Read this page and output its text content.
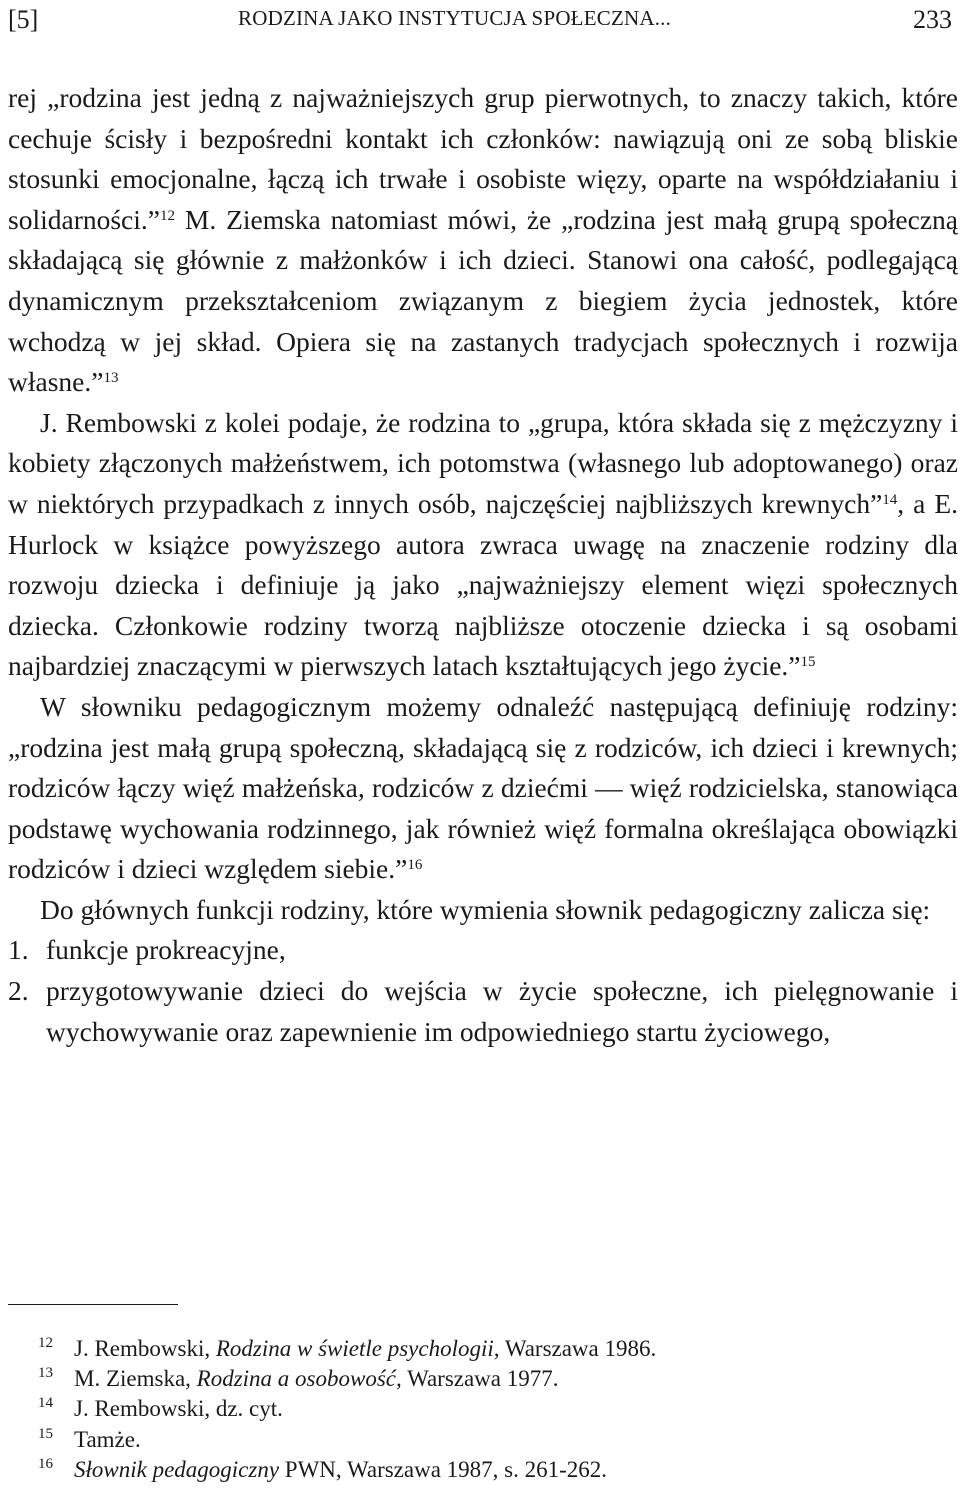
[5]	RODZINA JAKO INSTYTUCJA SPOŁECZNA...	233

rej „rodzina jest jedną z najważniejszych grup pierwotnych, to znaczy takich, które cechuje ścisły i bezpośredni kontakt ich członków: nawiązują oni ze sobą bliskie stosunki emocjonalne, łączą ich trwałe i osobiste więzy, oparte na współdziałaniu i solidarności.”$^{12}$ M. Ziemska natomiast mówi, że „rodzina jest małą grupą społeczną składającą się głównie z małżonków i ich dzieci. Stanowi ona całość, podlegającą dynamicznym przekształceniom związanym z biegiem życia jednostek, które wchodzą w jej skład. Opiera się na zastanych tradycjach społecznych i rozwija własne.”$^{13}$

J. Rembowski z kolei podaje, że rodzina to „grupa, która składa się z mężczyzny i kobiety złączonych małżeństwem, ich potomstwa (własnego lub adoptowanego) oraz w niektórych przypadkach z innych osób, najczęściej najbliższych krewnych”$^{14}$, a E. Hurlock w książce powyższego autora zwraca uwagę na znaczenie rodziny dla rozwoju dziecka i definiuje ją jako „najważniejszy element więzi społecznych dziecka. Członkowie rodziny tworzą najbliższe otoczenie dziecka i są osobami najbardziej znaczącymi w pierwszych latach kształtujących jego życie.”$^{15}$

W słowniku pedagogicznym możemy odnaleźć następującą definiuję rodziny: „rodzina jest małą grupą społeczną, składającą się z rodziców, ich dzieci i krewnych; rodziców łączy więź małżeńska, rodziców z dziećmi — więź rodzicielska, stanowiąca podstawę wychowania rodzinnego, jak również więź formalna określająca obowiązki rodziców i dzieci względem siebie.”$^{16}$

Do głównych funkcji rodziny, które wymienia słownik pedagogiczny zalicza się:

1. funkcje prokreacyjne,
2. przygotowywanie dzieci do wejścia w życie społeczne, ich pielęgnowanie i wychowywanie oraz zapewnienie im odpowiedniego startu życiowego,
12 J. Rembowski, Rodzina w świetle psychologii, Warszawa 1986.
13 M. Ziemska, Rodzina a osobowość, Warszawa 1977.
14 J. Rembowski, dz. cyt.
15 Tamże.
16 Słownik pedagogiczny PWN, Warszawa 1987, s. 261-262.
